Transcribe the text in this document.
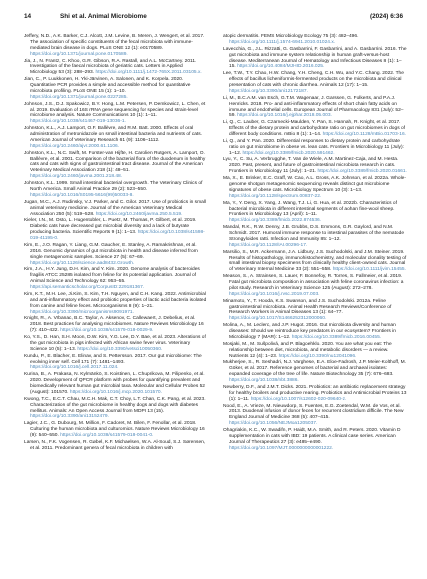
14	Shi et al. Animal Microbiome	(2024) 6:36

Jeffery, N.D., A.K. Barker, C.J. Alcott, J.M. Levine, B. Meren, J. Wengert, et al. 2017. The association of specific constituents of the fecal microbiota with immune-mediated brain disease in dogs. PLoS ONE 12 (1): e0170589. https://doi.org/10.1371/journal.pone.0170589.

Jia, J., N. Frantz, C. Khoo, G.R. Gibson, R.A. Rastall, and A.L. McCartney. 2011. Investigation of the faecal microbiota of geriatric cats. Letters in Applied Microbiology 53 (3): 288–293. https://doi.org/10.1111/j.1472-765X.2011.03105.x.

Jian, C., P. Luukkonen, H. Yki-Järvinen, A. Salonen, and K. Korpela. 2020. Quantitative PCR provides a simple and accessible method for quantitative microbiota profiling. PLoS ONE 15 (1): 1–10. https://doi.org/10.1371/journal.pone.0227285.

Johnson, J.S., D.J. Spakowicz, B.Y. Hong, L.M. Petersen, P. Demkowicz, L. Chen, et al. 2019. Evaluation of 16S rRNA gene sequencing for species and strain-level microbiome analysis. Nature Communications 10 (1): 1–11. https://doi.org/10.1038/s41467-019-13036-1.

Johnston, K.L., A.J. Lamport, O.F. Ballèvre, and R.M. Batt. 2000. Effects of oral administration of metronidazole on small intestinal bacteria and nutrients of cats. American Journal of Veterinary Research 61 (9): 1106–1112. https://doi.org/10.2460/ajvr.2000.61.1106.

Johnston, K.L., N.C. Swift, M. Forster-van Hijfte, H. Carolien Rutgers, A. Lamport, O. Ballèvre, et al. 2001. Comparison of the bacterial flora of the duodenum in healthy cats and cats with signs of gastrointestinal tract disease. Journal of the American Veterinary Medical Association 218 (1): 48–51. https://doi.org/10.2460/javma.2001.218.48.

Johnston, K.L. 1999. Small intestinal bacterial overgrowth. The Veterinary Clinics of North America. Small Animal Practice 29 (2): 523–550. https://doi.org/10.1016/S0195-5616(99)50033-8.

Jugan, M.C., A.J. Rudinsky, V.J. Parker, and C. Gilor. 2017. Use of probiotics in small animal veterinary medicine. Journal of the American Veterinary Medical Association 250 (5): 519–528. https://doi.org/10.2460/javma.250.5.519.

Kieler, I.N., M. Osto, L. Hugentobler, L. Puetz, M. Thomas, P. Gilbert, et al. 2019. Diabetic cats have decreased gut microbial diversity and a lack of butyrate producing bacteria. Scientific Reports 9 (1): 1–13. https://doi.org/10.1038/s41598-019-41195-0.

Kim, E., J.O. Ragan, Y. Liang, G.M. Gaucher, E. Stanley, A. Ramakrishnan, et al. 2016. Genomic dynamics of gut microbiota in health and disease inferred from single metagenomic samples. Science 27 (5): 67–69. https://doi.org/10.1126/science.aad8432.Growth.

Kim, J.A., H.Y. Jung, D.H. Kim, and Y. Kim. 2020. Genome analysis of bacteroides fragilis ATCC 25285 isolated from feline for its potential application. Journal of Animal Science and Technology 62: 953–55. https://api.semanticscholar.org/CorpusID:229181367.

Kim, K.T., M.H. Lee, Ji.Kim, S. Kim, T.H. Nguyen, and C.H. Kang. 2022. Antimicrobial and anti-inflammatory effect and probiotic properties of lactic acid bacteria isolated from canine and feline feces. Microorganisms 8 (9): 1–21. https://doi.org/10.3390/microorganisms9091971.

Knight, R., A. Vrbanac, B.C. Taylor, A. Aksenov, C. Callewaert, J. Debelius, et al. 2018. Best practices for analysing microbiomes. Nature Reviews Microbiology 16 (7): 410–422. https://doi.org/10.1038/s41579-018-0029-9.

Ko, Y.S., D. Han, S.H. Moon, D.W. Kim, Y.G. Lee, D.Y. Bae, et al. 2023. Alterations of the gut microbiota in pigs infected with African swine fever virus. Veterinary Science 10 (5): 1–13. https://doi.org/10.3390/vetsci10050360.

Kundu, P., E. Blacher, E. Elinav, and S. Pettersson. 2017. Our gut microbiome: The evolving inner self. Cell 171 (7): 1481–1493. https://doi.org/10.1016/j.cell.2017.11.024.

Kurina, B., A. Prakasa, N. Kylmänkö, S. Koistinen, L. Chuprikova, M. Filipenko, et al. 2020. Development of QPCR platform with probes for quantifying prevalent and biomedically relevant human gut microbial taxa. Molecular and Cellular Probes 52 (August): 101570. https://doi.org/10.1016/j.mcp.2020.101570.

Kwong, T.C., E.C.T. Chau, M.C.H. Mak, C.T. Choy, L.T. Chan, C.K. Pang, et al. 2023. Characterization of the gut microbiome in healthy dogs and dogs with diabetes mellitus. Animals: An Open Access Journal from MDPI 13 (15). https://doi.org/10.3390/ani13152479.

Lagier, J.C., G. Dubourg, M. Million, F. Cadoret, M. Bilen, F. Fenollar, et al. 2018. Culturing the human microbiota and culturomics. Nature Reviews Microbiology 16 (9): 540–550. https://doi.org/10.1038/s41579-018-0041-0.

Larsen, N., F.K. Vogensen, R. Gøbel, K.F. Michaelsen, W.A. Al-Soud, S.J. Sørensen, et al. 2011. Predominant genera of fecal microbiota in children with

atopic dermatitis. FEMS Microbiology Ecology 75 (3): 482–496. https://doi.org/10.1111/j.1574-6941.2010.01024.x.

Lavecchia, G., J.L. Rizzatti, G. Gasbarrini, F. Gasbarrini, and A. Gasbarrini. 2016. The gut microbiota and immune system relationship in human graft-versus-host disease. Mediterranean Journal of Hematology and Infectious Diseases 8 (1): 1–15. https://doi.org/10.4084/MJHID.2016.025.

Lee, T.W., T.Y. Chao, H.W. Chang, Y.H. Cheng, C.H. Wu, and Y.C. Chang. 2022. The effects of bacillus licheniformis-fermented products on the microbiota and clinical presentation of cats with chronic diarrhea. Animals 12 (17): 1–15. https://doi.org/10.3390/ani12172187.

Li, M., B.C.A.M. van Esch, G.T.M. Wagenaar, J. Garssen, G. Folkerts, and P.A.J. Henricks. 2018. Pro- and anti-inflammatory effects of short chain fatty acids on immune and endothelial cells. European Journal of Pharmacology 831 (July): 52–59. https://doi.org/10.1016/j.ejphar.2018.05.003.

Li, Q., C. Lauber, G. Czarnecki-Maulden, Y. Pan, S. Hannah, R. Knight, et al. 2017. Effects of the dietary protein and carbohydrate ratio on gut microbiomes in dogs of different body conditions. mBio 8 (1): 1–14. https://doi.org/10.1128/mBio.01703-16.

Li, Q., and Y. Pan. 2020. Differential responses to dietary protein and carbohydrate ratio on gut microbiome in obese vs. lean cats. Frontiers in Microbiology 11 (July): 1–12. https://doi.org/10.3389/fmicb.2020.591462.

Lyu, Y., C. Su, A. Verbrugghe, T. Van de Wiele, A.M. Martinez-Caja, and M. Hesta. 2020. Past, present, and future of gastrointestinal microbiota research in cats. Frontiers in Microbiology 11 (July): 1–21. https://doi.org/10.3389/fmicb.2020.01661.

Ma, X., E. Brinker, E.C. Graff, W. Cao, A.L. Gross, A.K. Johnson, et al. 2022a. Whole-genome shotgun metagenomic sequencing reveals distinct gut microbiome signatures of obese cats. Microbiology Spectrum 10 (3): 1–13. https://doi.org/10.1128/spectrum.00837-22.

Ma, Y., Y. Deng, X. Yang, J. Wang, T.J. Li, G. Hua, et al. 2022b. Characteristics of bacterial microbiota in different intestinal segments of aohan fine-wool sheep. Frontiers in Microbiology 13 (April): 1–11. https://doi.org/10.3389/fmicb.2022.874536.

Mandal, R.K., R.W. Denny, J.B. Grubbs, D.S. Emmons, G.R. Gaylord, and N.M. Schmidt. 2017. Humoral immune response to intestinal parasites of the nematode Strongyloides ratti. Infection and Immunity 85: 1–12. https://doi.org/10.1128/IAI.00296-17.

Marsilio, S., M.R. Ackermann, J.A. Lidbury, J.S. Suchodolski, and J.M. Steiner. 2019. Results of histopathology, immunohistochemistry, and molecular clonality testing of small intestinal biopsy specimens from clinically healthy client-owned cats. Journal of Veterinary Internal Medicine 33 (2): 551–558. https://doi.org/10.1111/jvim.15455.

Meason, S., A. Strainsen, S. Lauer, F. Bonnefoy, R. Torres, S. Fallmeier, et al. 2019. Fatal gut microbiota composition in association with feline coronavirus infection: a pilot study. Research in Veterinary Science 125 (August): 272–278. https://doi.org/10.1016/j.rvsc.2019.07.003.

Minamoto, Y., T. Hooda, K.S. Swanson, and J.S. Suchodolski. 2012a. Feline gastrointestinal microbiota. Animal Health Research Reviews/Conference of Research Workers in Animal Diseases 13 (1): 64–77. https://doi.org/10.1017/S1466252312000060.

Molina, A., M. Leclerc, and J.P. Hugot. 2016. Gut microbiota diversity and human diseases: Should we reintroduce key predators in our ecosystem? Frontiers in Microbiology 7 (MAR): 1–12. https://doi.org/10.3389/fmicb.2016.00455.

Mosjaki, M., M. Sušpolivá, and P. Blagoehklo. 2020. You are what you eat: The relationship between diet, microbiota, and metabolic disorders — a review. Nutrients 12 (4): 1–23. https://doi.org/10.3390/nu12041096.

Mukherjee, S., R. Seshadri, N.J. Varghese, E.A. Eloe-Fadrosh, J.P. Meier-Kolthoff, M. Göker, et al. 2017. Reference genomes of bacterial and archaeal isolates: expanded coverage of the tree of life. Nature Biotechnology 35 (7): 676–683. https://doi.org/10.1038/nbt.3886.

Newberry, D.F., and J.M.T. Dicks. 2021. Probiotics: an antibiotic replacement strategy for healthy broilers and productive rearing. Probiotics and Antimicrobial Proteins 13 (1): 1–11. https://doi.org/10.1007/s12602-020-09640-z.

Nood, E., A. Vrieze, M. Nieuwdorp, S. Fuentes, E.G. Zoetendal, W.M. de Vos, et al. 2013. Duodenal infusion of donor feces for recurrent clostridium difficile. The New England Journal of Medicine 368 (5): 407–415. https://doi.org/10.1056/NEJMoa1205037.

Ohagriakin, K.C., W. Swadifn, P. Haidt, M.A. Smith, and R. Peters. 2020. Vitamin D supplementation in cats with IBD: 19 patients. A clinical case series. American Journal of Therapeutics 27 (3): e485–e490. https://doi.org/10.1097/MJT.0000000000001222.
